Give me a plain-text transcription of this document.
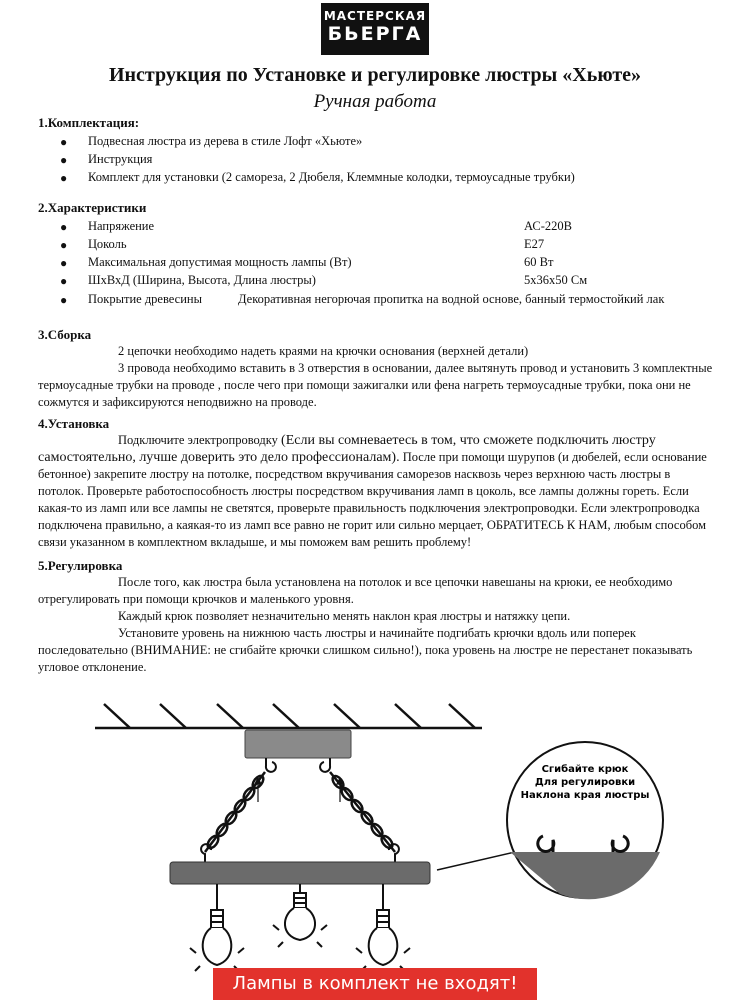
МАСТЕРСКАЯ
БЬЕРГА
Инструкция по Установке и регулировке люстры «Хьюте»
Ручная работа
1.Комплектация:
● Подвесная люстра из дерева в стиле Лофт «Хьюте»
● Инструкция
● Комплект для установки (2 самореза, 2 Дюбеля, Клеммные колодки, термоусадные трубки)
2.Характеристики
● Напряжение	АС-220В
● Цоколь	E27
● Максимальная допустимая мощность лампы (Вт)	60 Вт
● ШхВхД (Ширина, Высота, Длина люстры)	5х36х50 См
● Покрытие древесины	Декоративная негорючая пропитка на водной основе, банный термостойкий лак
3.Сборка

2 цепочки необходимо надеть краями на крючки основания (верхней детали)

3 провода необходимо вставить в 3 отверстия в основании, далее вытянуть провод и установить 3 комплектные термоусадные трубки на проводе , после чего при помощи зажигалки или фена нагреть термоусадные трубки, пока они не сожмутся и зафиксируются неподвижно на проводе.

4.Установка

Подключите электропроводку (Если вы сомневаетесь в том, что сможете подключить люстру самостоятельно, лучше доверить это дело профессионалам). После при помощи шурупов (и дюбелей, если основание бетонное) закрепите люстру на потолке, посредством вкручивания саморезов насквозь через верхнюю часть люстры в потолок. Проверьте работоспособность люстры посредством вкручивания ламп в цоколь, все лампы должны гореть. Если какая-то из ламп или все лампы не светятся, проверьте правильность подключения электропроводки. Если электропроводка подключена правильно, а каякая-то из ламп все равно не горит или сильно мерцает, ОБРАТИТЕСЬ К НАМ, любым способом связи указанном в комплектном вкладыше, и мы поможем вам решить проблему!

5.Регулировка

После того, как люстра была установлена на потолок и все цепочки навешаны на крюки, ее необходимо отрегулировать при помощи крючков и маленького уровня.

Каждый крюк позволяет незначительно менять наклон края люстры и натяжку цепи.

Установите уровень на нижнюю часть люстры и начинайте подгибать крючки вдоль или поперек последовательно (ВНИМАНИЕ: не сгибайте крючки слишком сильно!), пока уровень на люстре не перестанет показывать угловое отклонение.

Сгибайте крюк
Для регулировки
Наклона края люстры
Лампы в комплект не входят!
